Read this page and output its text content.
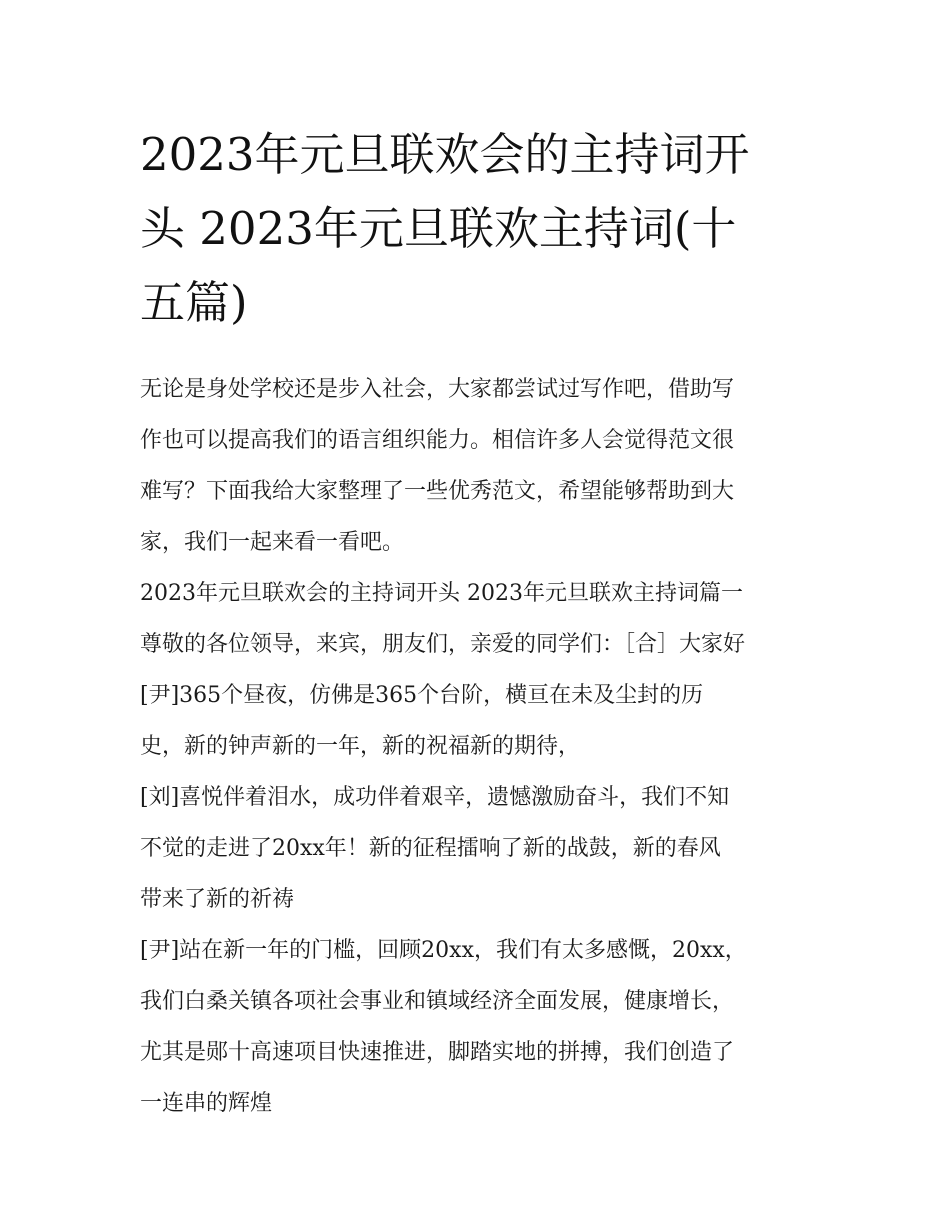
2023年元旦联欢会的主持词开
头 2023年元旦联欢主持词(十
五篇)
无论是身处学校还是步入社会，大家都尝试过写作吧，借助写
作也可以提高我们的语言组织能力。相信许多人会觉得范文很
难写？下面我给大家整理了一些优秀范文，希望能够帮助到大
家，我们一起来看一看吧。
2023年元旦联欢会的主持词开头 2023年元旦联欢主持词篇一
尊敬的各位领导，来宾，朋友们，亲爱的同学们：［合］大家好
[尹]365个昼夜，仿佛是365个台阶，横亘在未及尘封的历
史，新的钟声新的一年，新的祝福新的期待，
[刘]喜悦伴着泪水，成功伴着艰辛，遗憾激励奋斗，我们不知
不觉的走进了20xx年！新的征程擂响了新的战鼓，新的春风
带来了新的祈祷
[尹]站在新一年的门槛，回顾20xx，我们有太多感慨，20xx，
我们白桑关镇各项社会事业和镇域经济全面发展，健康增长，
尤其是郧十高速项目快速推进，脚踏实地的拼搏，我们创造了
一连串的辉煌
